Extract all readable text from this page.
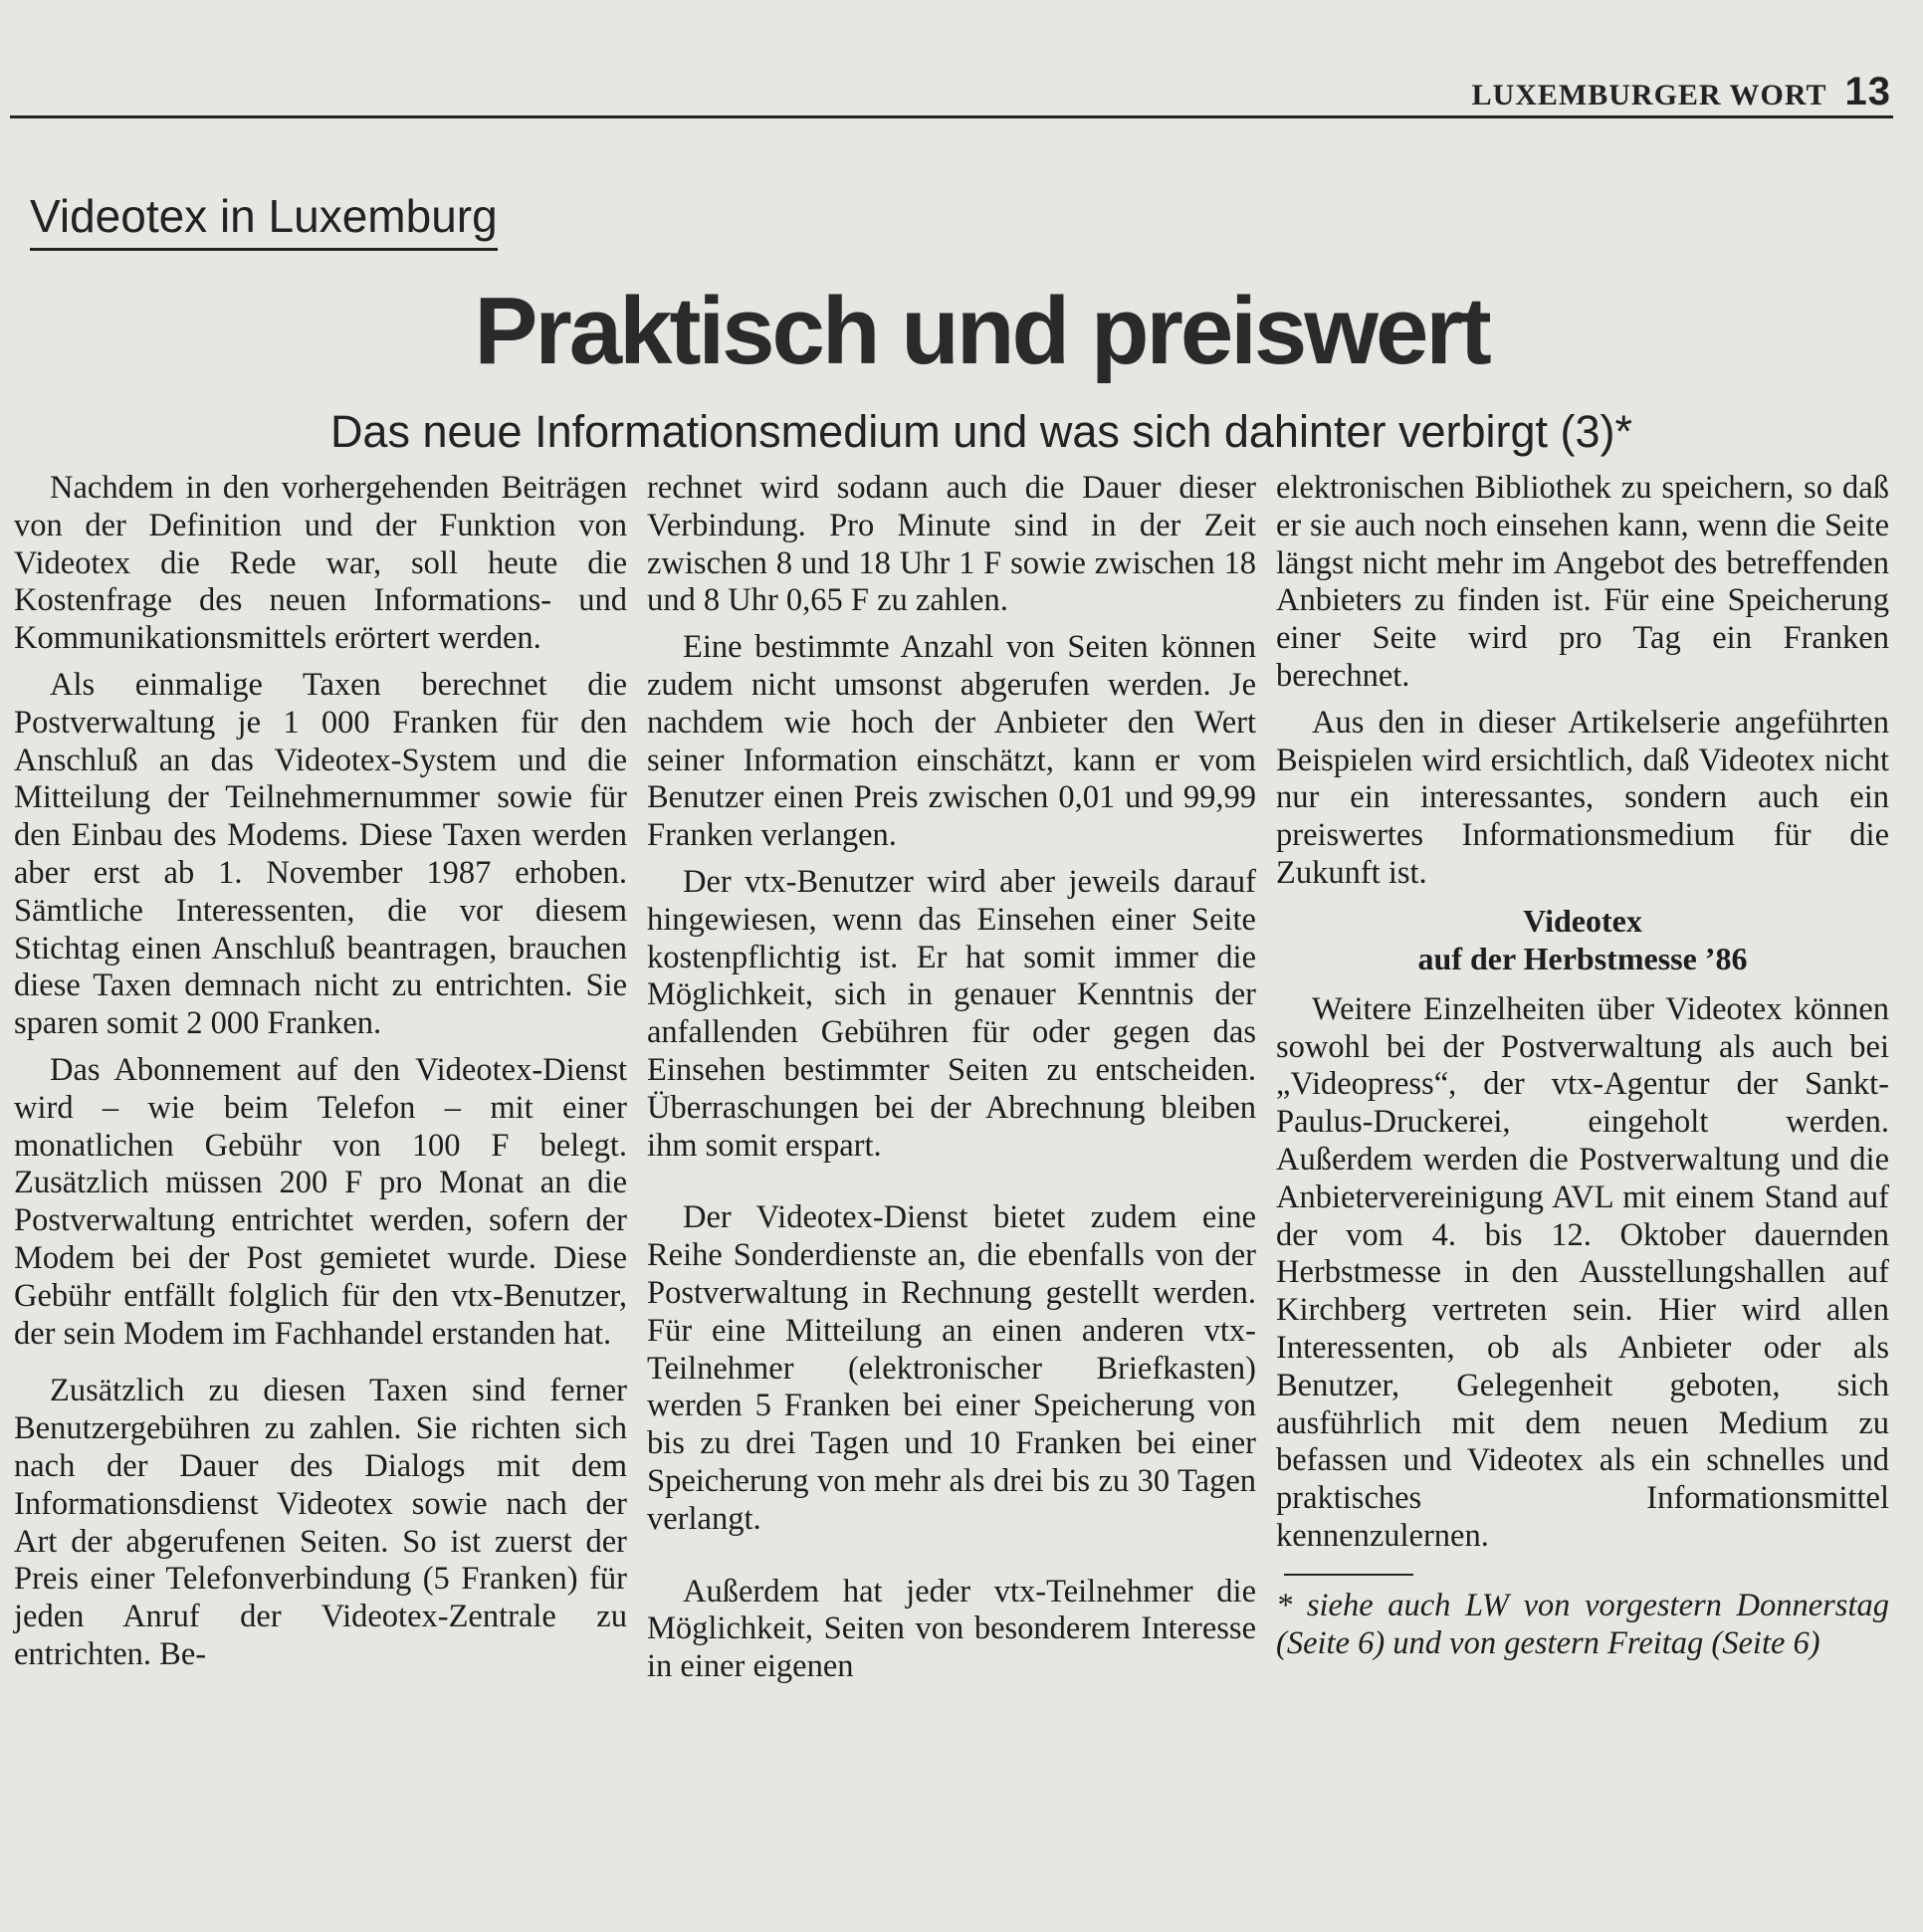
LUXEMBURGER WORT 13
Videotex in Luxemburg
Praktisch und preiswert
Das neue Informationsmedium und was sich dahinter verbirgt (3)*

Nachdem in den vorhergehenden Beiträgen von der Definition und der Funktion von Videotex die Rede war, soll heute die Kostenfrage des neuen Informations- und Kommunikationsmittels erörtert werden.

Als einmalige Taxen berechnet die Postverwaltung je 1 000 Franken für den Anschluß an das Videotex-System und die Mitteilung der Teilnehmernummer sowie für den Einbau des Modems. Diese Taxen werden aber erst ab 1. November 1987 erhoben. Sämtliche Interessenten, die vor diesem Stichtag einen Anschluß beantragen, brauchen diese Taxen demnach nicht zu entrichten. Sie sparen somit 2 000 Franken.

Das Abonnement auf den Videotex-Dienst wird – wie beim Telefon – mit einer monatlichen Gebühr von 100 F belegt. Zusätzlich müssen 200 F pro Monat an die Postverwaltung entrichtet werden, sofern der Modem bei der Post gemietet wurde. Diese Gebühr entfällt folglich für den vtx-Benutzer, der sein Modem im Fachhandel erstanden hat.

Zusätzlich zu diesen Taxen sind ferner Benutzergebühren zu zahlen. Sie richten sich nach der Dauer des Dialogs mit dem Informationsdienst Videotex sowie nach der Art der abgerufenen Seiten. So ist zuerst der Preis einer Telefonverbindung (5 Franken) für jeden Anruf der Videotex-Zentrale zu entrichten. Be-

rechnet wird sodann auch die Dauer dieser Verbindung. Pro Minute sind in der Zeit zwischen 8 und 18 Uhr 1 F sowie zwischen 18 und 8 Uhr 0,65 F zu zahlen.

Eine bestimmte Anzahl von Seiten können zudem nicht umsonst abgerufen werden. Je nachdem wie hoch der Anbieter den Wert seiner Information einschätzt, kann er vom Benutzer einen Preis zwischen 0,01 und 99,99 Franken verlangen.

Der vtx-Benutzer wird aber jeweils darauf hingewiesen, wenn das Einsehen einer Seite kostenpflichtig ist. Er hat somit immer die Möglichkeit, sich in genauer Kenntnis der anfallenden Gebühren für oder gegen das Einsehen bestimmter Seiten zu entscheiden. Überraschungen bei der Abrechnung bleiben ihm somit erspart.

Der Videotex-Dienst bietet zudem eine Reihe Sonderdienste an, die ebenfalls von der Postverwaltung in Rechnung gestellt werden. Für eine Mitteilung an einen anderen vtx-Teilnehmer (elektronischer Briefkasten) werden 5 Franken bei einer Speicherung von bis zu drei Tagen und 10 Franken bei einer Speicherung von mehr als drei bis zu 30 Tagen verlangt.

Außerdem hat jeder vtx-Teilnehmer die Möglichkeit, Seiten von besonderem Interesse in einer eigenen

elektronischen Bibliothek zu speichern, so daß er sie auch noch einsehen kann, wenn die Seite längst nicht mehr im Angebot des betreffenden Anbieters zu finden ist. Für eine Speicherung einer Seite wird pro Tag ein Franken berechnet.

Aus den in dieser Artikelserie angeführten Beispielen wird ersichtlich, daß Videotex nicht nur ein interessantes, sondern auch ein preiswertes Informationsmedium für die Zukunft ist.

Videotex
auf der Herbstmesse ’86

Weitere Einzelheiten über Videotex können sowohl bei der Postverwaltung als auch bei „Videopress“, der vtx-Agentur der Sankt-Paulus-Druckerei, eingeholt werden. Außerdem werden die Postverwaltung und die Anbietervereinigung AVL mit einem Stand auf der vom 4. bis 12. Oktober dauernden Herbstmesse in den Ausstellungshallen auf Kirchberg vertreten sein. Hier wird allen Interessenten, ob als Anbieter oder als Benutzer, Gelegenheit geboten, sich ausführlich mit dem neuen Medium zu befassen und Videotex als ein schnelles und praktisches Informationsmittel kennenzulernen.

* siehe auch LW von vorgestern Donnerstag (Seite 6) und von gestern Freitag (Seite 6)
